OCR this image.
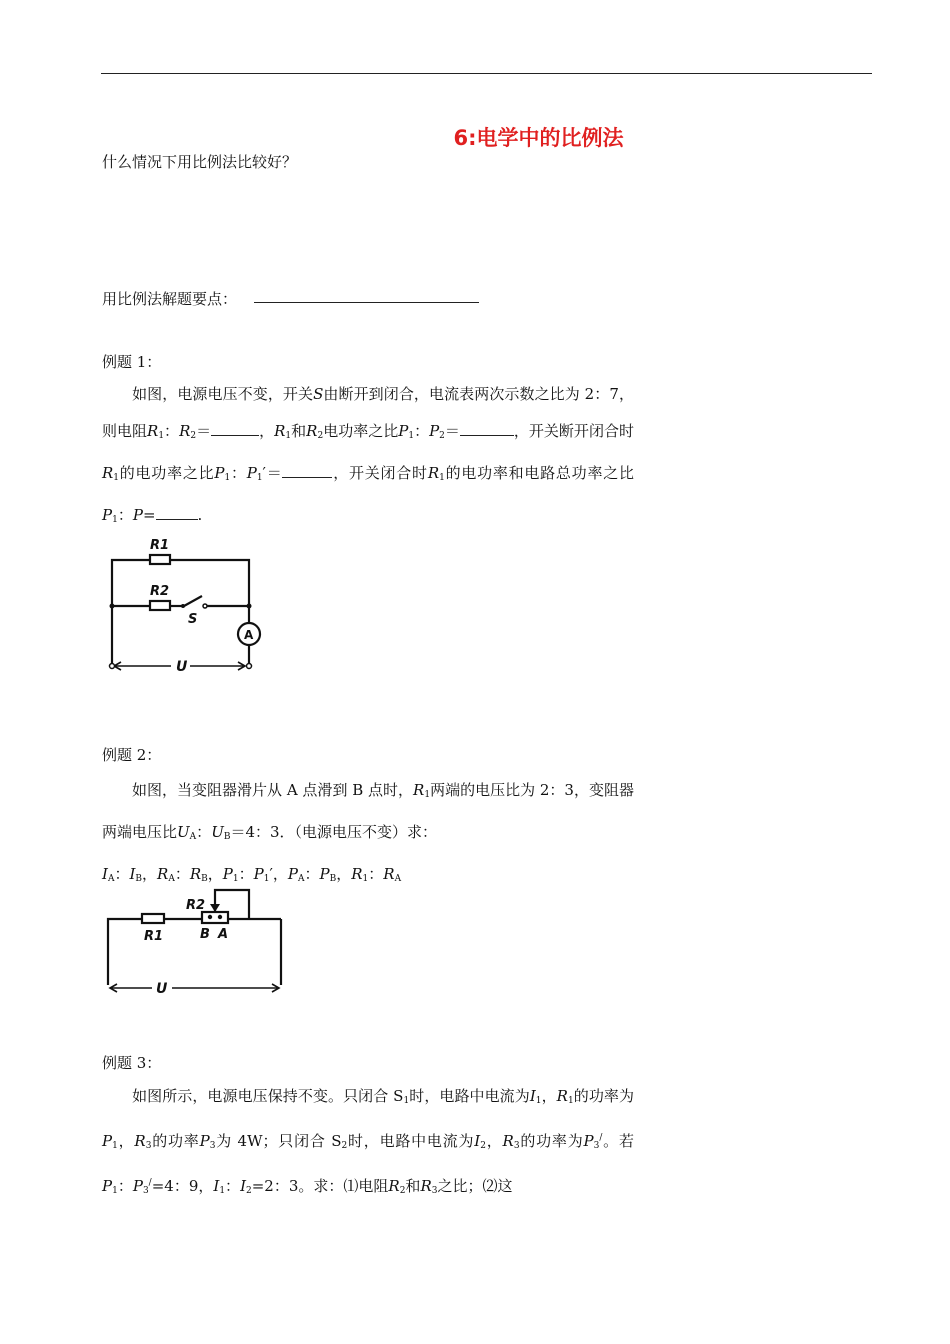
6:电学中的比例法
什么情况下用比例法比较好？
用比例法解题要点：
例题 1：
如图，电源电压不变，开关S由断开到闭合，电流表两次示数之比为 2：7，则电阻$R_1$：$R_2=$	，$R_1$和$R_2$电功率之比$P_1$：$P_2=$	，开关断开闭合时$R_1$的电功率之比$P_1$：$P_1'=$	，开关闭合时$R_1$的电功率和电路总功率之比$P_1$：P=	.
R1
R2
S
A
U
例题 2：
如图，当变阻器滑片从 A 点滑到 B 点时，$R_1$两端的电压比为 2：3，变阻器两端电压比$U_A$：$U_B=4$：3．（电源电压不变）求：
$I_A$：$I_B$，$R_A$：$R_B$，$P_1$：$P_1'$，$P_A$：$P_B$，$R_1$：$R_A$
R2
R1	B A
U
例题 3：
如图所示，电源电压保持不变。只闭合 $S_1$时，电路中电流为$I_1$，$R_1$的功率为$P_1$，$R_3$的功率$P_3$为 4W；只闭合 $S_2$时，电路中电流为$I_2$，$R_3$的功率为$P_3^/$。若$P_1$：$P_3^/=4$：9，$I_1$：$I_2=2$：3。求：⑴电阻$R_2$和$R_3$之比；⑵这
